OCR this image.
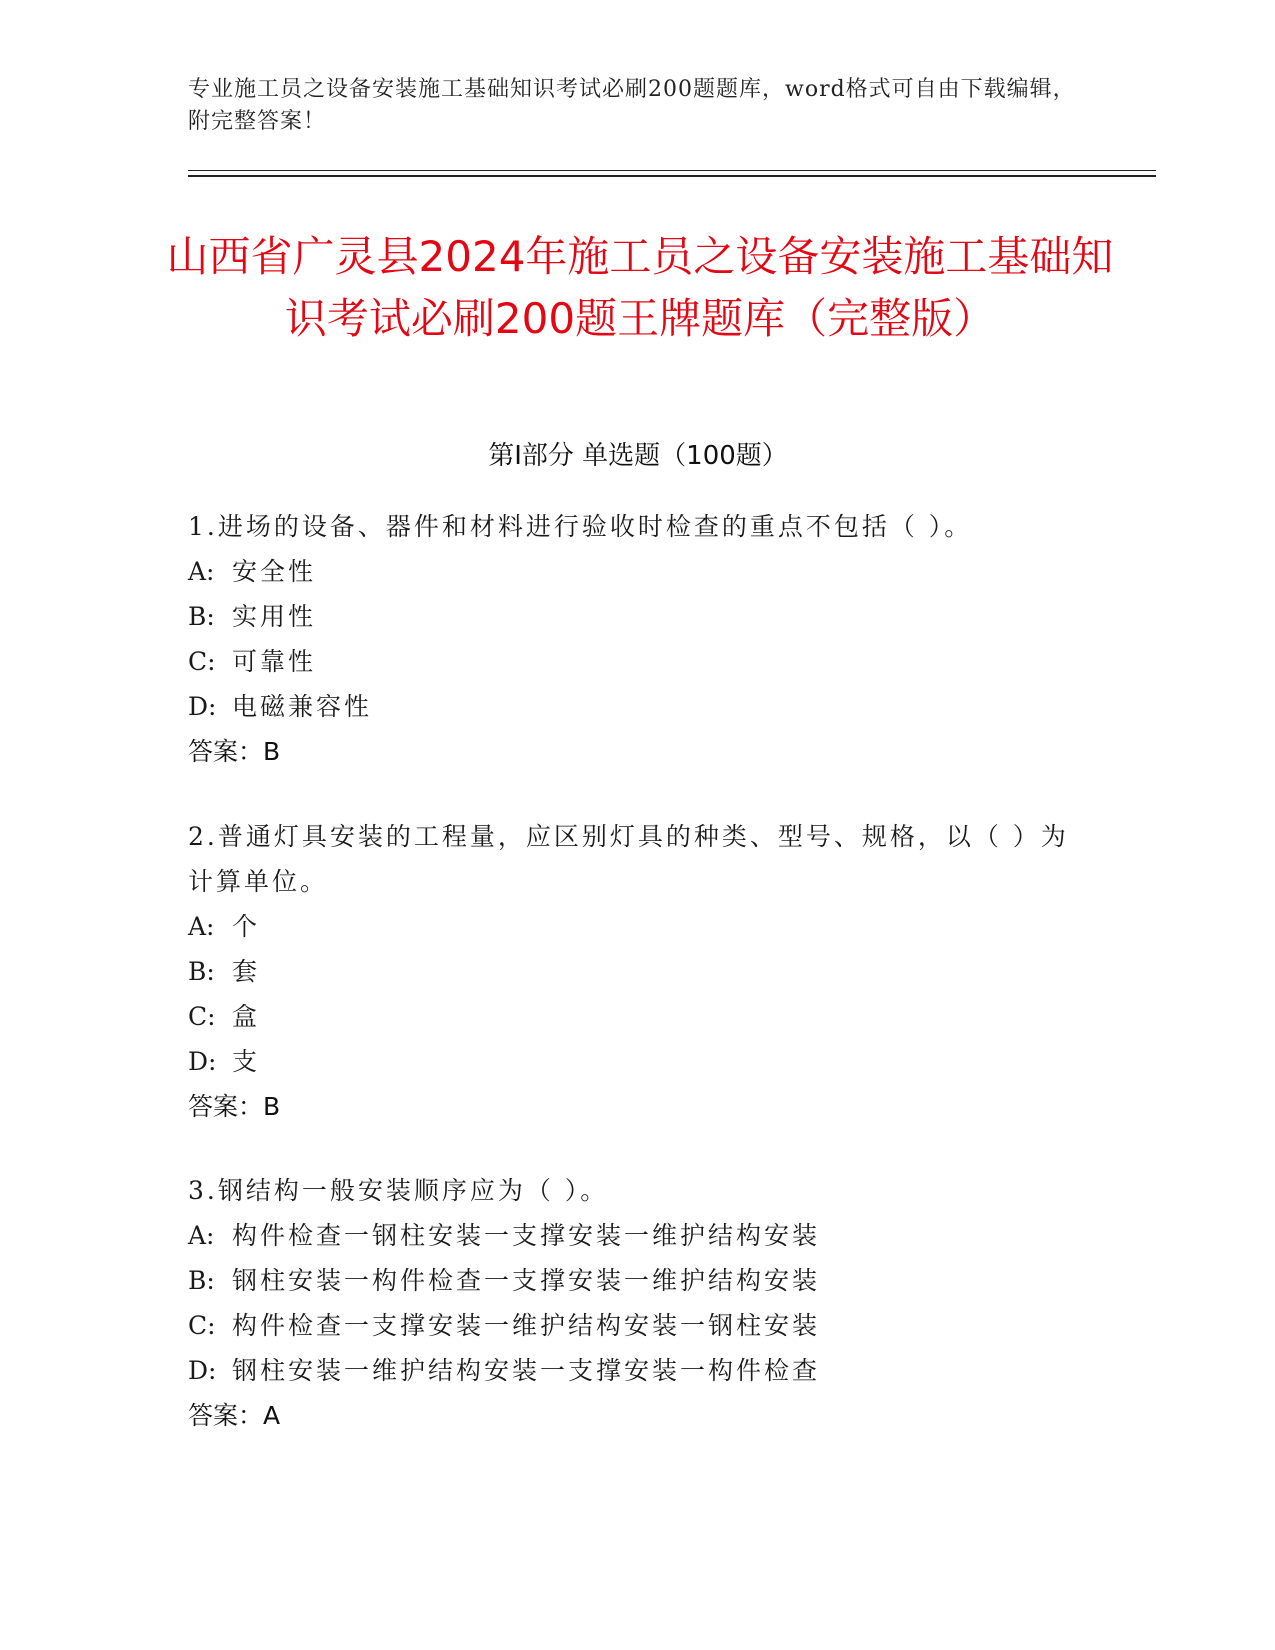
专业施工员之设备安装施工基础知识考试必刷200题题库，word格式可自由下载编辑，附完整答案！
山西省广灵县2024年施工员之设备安装施工基础知识考试必刷200题王牌题库（完整版）
第Ⅰ部分 单选题（100题）

1.进场的设备、器件和材料进行验收时检查的重点不包括（ ）。

A: 安全性

B: 实用性

C: 可靠性

D: 电磁兼容性

答案：B

2.普通灯具安装的工程量，应区别灯具的种类、型号、规格，以（ ）为计算单位。

A: 个

B: 套

C: 盒

D: 支

答案：B

3.钢结构一般安装顺序应为（ ）。

A: 构件检查一钢柱安装一支撑安装一维护结构安装

B: 钢柱安装一构件检查一支撑安装一维护结构安装

C: 构件检查一支撑安装一维护结构安装一钢柱安装

D: 钢柱安装一维护结构安装一支撑安装一构件检查

答案：A
